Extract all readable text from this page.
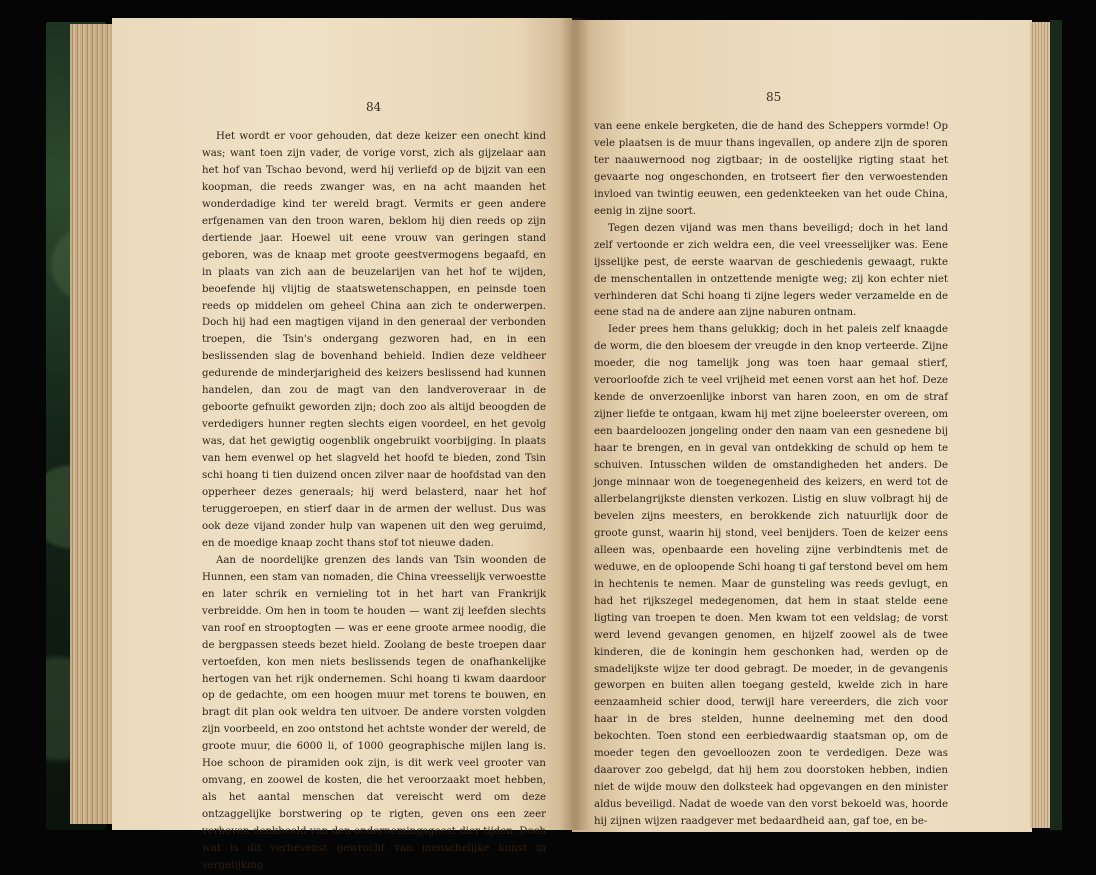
84

Het wordt er voor gehouden, dat deze keizer een onecht kind was; want toen zijn vader, de vorige vorst, zich als gijzelaar aan het hof van Tschao bevond, werd hij verliefd op de bijzit van een koopman, die reeds zwanger was, en na acht maanden het wonderdadige kind ter wereld bragt. Vermits er geen andere erfgenamen van den troon waren, beklom hij dien reeds op zijn dertiende jaar. Hoewel uit eene vrouw van geringen stand geboren, was de knaap met groote geestvermogens begaafd, en in plaats van zich aan de beuzelarijen van het hof te wijden, beoefende hij vlijtig de staatswetenschappen, en peinsde toen reeds op middelen om geheel China aan zich te onderwerpen. Doch hij had een magtigen vijand in den generaal der verbonden troepen, die Tsin's ondergang gezworen had, en in een beslissenden slag de bovenhand behield. Indien deze veldheer gedurende de minderjarigheid des keizers beslissend had kunnen handelen, dan zou de magt van den landveroveraar in de geboorte gefnuikt geworden zijn; doch zoo als altijd beoogden de verdedigers hunner regten slechts eigen voordeel, en het gevolg was, dat het gewigtig oogenblik ongebruikt voorbijging. In plaats van hem evenwel op het slagveld het hoofd te bieden, zond Tsin schi hoang ti tien duizend oncen zilver naar de hoofdstad van den opperheer dezes generaals; hij werd belasterd, naar het hof teruggeroepen, en stierf daar in de armen der wellust. Dus was ook deze vijand zonder hulp van wapenen uit den weg geruimd, en de moedige knaap zocht thans stof tot nieuwe daden.

Aan de noordelijke grenzen des lands van Tsin woonden de Hunnen, een stam van nomaden, die China vreesselijk verwoestte en later schrik en vernieling tot in het hart van Frankrijk verbreidde. Om hen in toom te houden — want zij leefden slechts van roof en strooptogten — was er eene groote armee noodig, die de bergpassen steeds bezet hield. Zoolang de beste troepen daar vertoefden, kon men niets beslissends tegen de onafhankelijke hertogen van het rijk ondernemen. Schi hoang ti kwam daardoor op de gedachte, om een hoogen muur met torens te bouwen, en bragt dit plan ook weldra ten uitvoer. De andere vorsten volgden zijn voorbeeld, en zoo ontstond het achtste wonder der wereld, de groote muur, die 6000 li, of 1000 geographische mijlen lang is. Hoe schoon de piramiden ook zijn, is dit werk veel grooter van omvang, en zoowel de kosten, die het veroorzaakt moet hebben, als het aantal menschen dat vereischt werd om deze ontzaggelijke borstwering op te rigten, geven ons een zeer verheven denkbeeld van den ondernemingsgeest dier tijden. Doch wat is dit verhevenst gewrocht van menschelijke kunst in vergelijking

85

van eene enkele bergketen, die de hand des Scheppers vormde! Op vele plaatsen is de muur thans ingevallen, op andere zijn de sporen ter naauwernood nog zigtbaar; in de oostelijke rigting staat het gevaarte nog ongeschonden, en trotseert fier den verwoestenden invloed van twintig eeuwen, een gedenkteeken van het oude China, eenig in zijne soort.

Tegen dezen vijand was men thans beveiligd; doch in het land zelf vertoonde er zich weldra een, die veel vreesselijker was. Eene ijsselijke pest, de eerste waarvan de geschiedenis gewaagt, rukte de menschentallen in ontzettende menigte weg; zij kon echter niet verhinderen dat Schi hoang ti zijne legers weder verzamelde en de eene stad na de andere aan zijne naburen ontnam.

Ieder prees hem thans gelukkig; doch in het paleis zelf knaagde de worm, die den bloesem der vreugde in den knop verteerde. Zijne moeder, die nog tamelijk jong was toen haar gemaal stierf, veroorloofde zich te veel vrijheid met eenen vorst aan het hof. Deze kende de onverzoenlijke inborst van haren zoon, en om de straf zijner liefde te ontgaan, kwam hij met zijne boeleerster overeen, om een baardeloozen jongeling onder den naam van een gesnedene bij haar te brengen, en in geval van ontdekking de schuld op hem te schuiven. Intusschen wilden de omstandigheden het anders. De jonge minnaar won de toegenegenheid des keizers, en werd tot de allerbelangrijkste diensten verkozen. Listig en sluw volbragt hij de bevelen zijns meesters, en berokkende zich natuurlijk door de groote gunst, waarin hij stond, veel benijders. Toen de keizer eens alleen was, openbaarde een hoveling zijne verbindtenis met de weduwe, en de oploopende Schi hoang ti gaf terstond bevel om hem in hechtenis te nemen. Maar de gunsteling was reeds gevlugt, en had het rijkszegel medegenomen, dat hem in staat stelde eene ligting van troepen te doen. Men kwam tot een veldslag; de vorst werd levend gevangen genomen, en hijzelf zoowel als de twee kinderen, die de koningin hem geschonken had, werden op de smadelijkste wijze ter dood gebragt. De moeder, in de gevangenis geworpen en buiten allen toegang gesteld, kwelde zich in hare eenzaamheid schier dood, terwijl hare vereerders, die zich voor haar in de bres stelden, hunne deelneming met den dood bekochten. Toen stond een eerbiedwaardig staatsman op, om de moeder tegen den gevoelloozen zoon te verdedigen. Deze was daarover zoo gebelgd, dat hij hem zou doorstoken hebben, indien niet de wijde mouw den dolksteek had opgevangen en den minister aldus beveiligd. Nadat de woede van den vorst bekoeld was, hoorde hij zijnen wijzen raadgever met bedaardheid aan, gaf toe, en be-
